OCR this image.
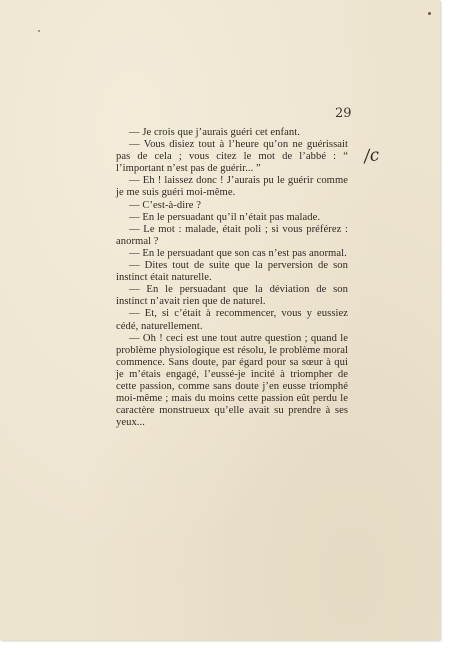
29

/c

— Je crois que j’aurais guéri cet enfant.

— Vous disiez tout à l’heure qu’on ne guérissait pas de cela ; vous citez le mot de l’abbé : “ l’important n’est pas de guérir... ”

— Eh ! laissez donc ! J’aurais pu le guérir comme je me suis guéri moi-même.

— C’est-à-dire ?

— En le persuadant qu’il n’était pas malade.

— Le mot : malade, était poli ; si vous préférez : anormal ?

— En le persuadant que son cas n’est pas anormal.

— Dites tout de suite que la perversion de son instinct était naturelle.

— En le persuadant que la déviation de son instinct n’avait rien que de naturel.

— Et, si c’était à recommencer, vous y eussiez cédé, naturellement.

— Oh ! ceci est une tout autre question ; quand le problème physiologique est résolu, le problème moral commence. Sans doute, par égard pour sa sœur à qui je m’étais engagé, l’eussé-je incité à triompher de cette passion, comme sans doute j’en eusse triomphé moi-même ; mais du moins cette passion eût perdu le caractère monstrueux qu’elle avait su prendre à ses yeux...
